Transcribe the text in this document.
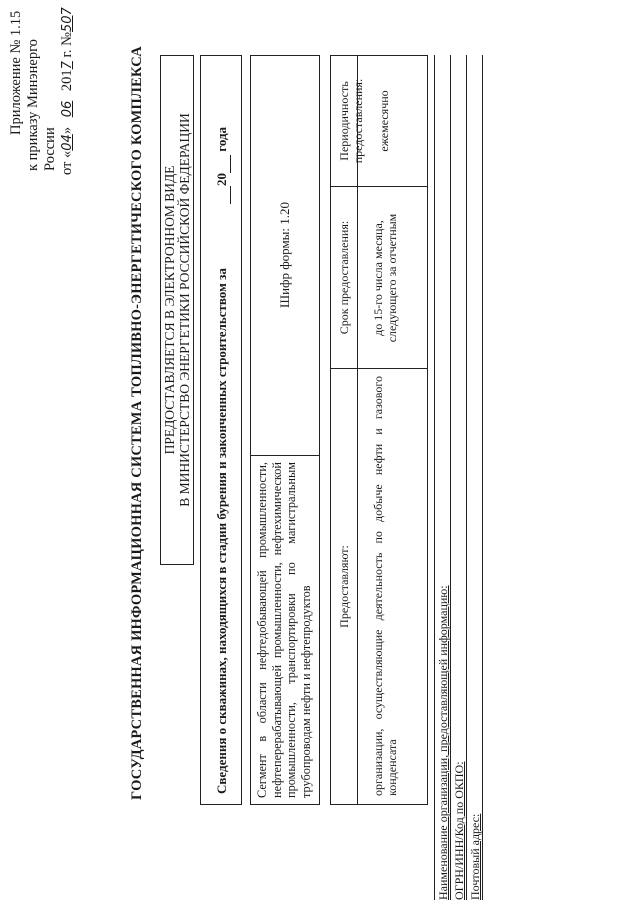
Приложение № 1.15 к приказу Минэнерго России от «04» 06 2017 г. №507
ГОСУДАРСТВЕННАЯ ИНФОРМАЦИОННАЯ СИСТЕМА ТОПЛИВНО-ЭНЕРГЕТИЧЕСКОГО КОМПЛЕКСА ПРЕДОСТАВЛЯЕТСЯ В ЭЛЕКТРОННОМ ВИДЕ В МИНИСТЕРСТВО ЭНЕРГЕТИКИ РОССИЙСКОЙ ФЕДЕРАЦИИ Сведения о скважинах, находящихся в стадии бурения и законченных строительством за
20  года
Сегмент в области нефтедобывающей промышленности, нефтеперерабатывающей промышленности, нефтехимической промышленности, транспортировки по магистральным трубопроводам нефти и нефтепродуктов
Шифр формы: 1.20
Предоставляют:
Срок предоставления:
Периодичность предоставления:
организации, осуществляющие деятельность по добыче нефти и газового конденсата
до 15-го числа месяца, следующего за отчетным
ежемесячно
Наименование организации, предоставляющей информацию: ОГРН/ИНН/Код по ОКПО: Почтовый адрес:
